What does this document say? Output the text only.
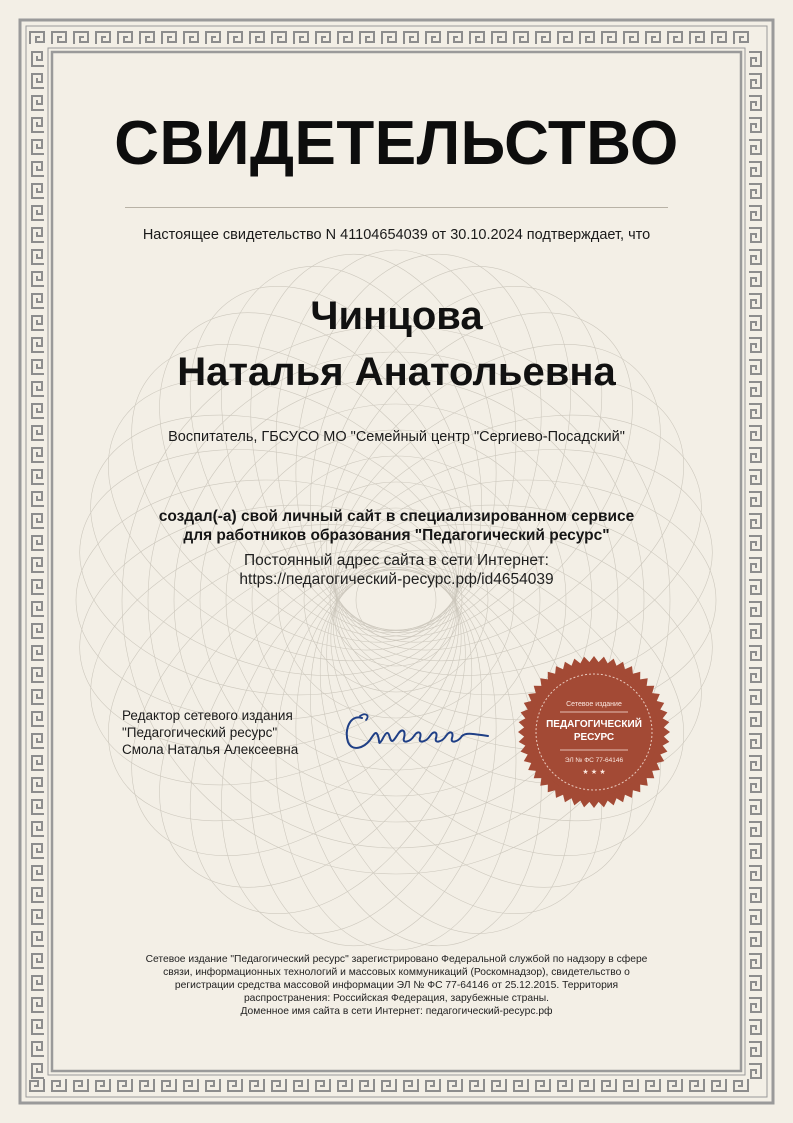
СВИДЕТЕЛЬСТВО
Настоящее свидетельство N 41104654039 от 30.10.2024 подтверждает, что
Чинцова
Наталья Анатольевна
Воспитатель, ГБСУСО МО "Семейный центр "Сергиево-Посадский"
создал(-а) свой личный сайт в специализированном сервисе
для работников образования "Педагогический ресурс"
Постоянный адрес сайта в сети Интернет:
https://педагогический-ресурс.рф/id4654039
Редактор сетевого издания
"Педагогический ресурс"
Смола Наталья Алексеевна
Сетевое издание
ПЕДАГОГИЧЕСКИЙ
РЕСУРС
ЭЛ № ФС 77-64146
★ ★ ★
Сетевое издание "Педагогический ресурс" зарегистрировано Федеральной службой по надзору в сфере
связи, информационных технологий и массовых коммуникаций (Роскомнадзор), свидетельство о
регистрации средства массовой информации ЭЛ № ФС 77-64146 от 25.12.2015. Территория
распространения: Российская Федерация, зарубежные страны.
Доменное имя сайта в сети Интернет: педагогический-ресурс.рф
